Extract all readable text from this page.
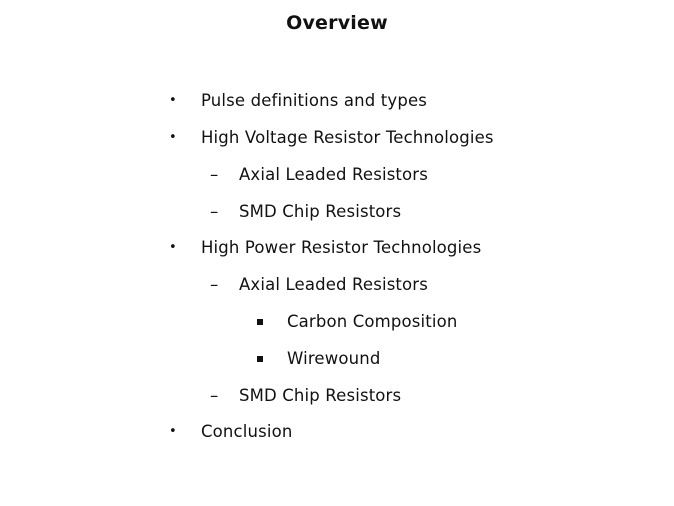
Overview
• Pulse definitions and types
• High Voltage Resistor Technologies
– Axial Leaded Resistors
– SMD Chip Resistors
• High Power Resistor Technologies
– Axial Leaded Resistors
Carbon Composition
Wirewound
– SMD Chip Resistors
• Conclusion
